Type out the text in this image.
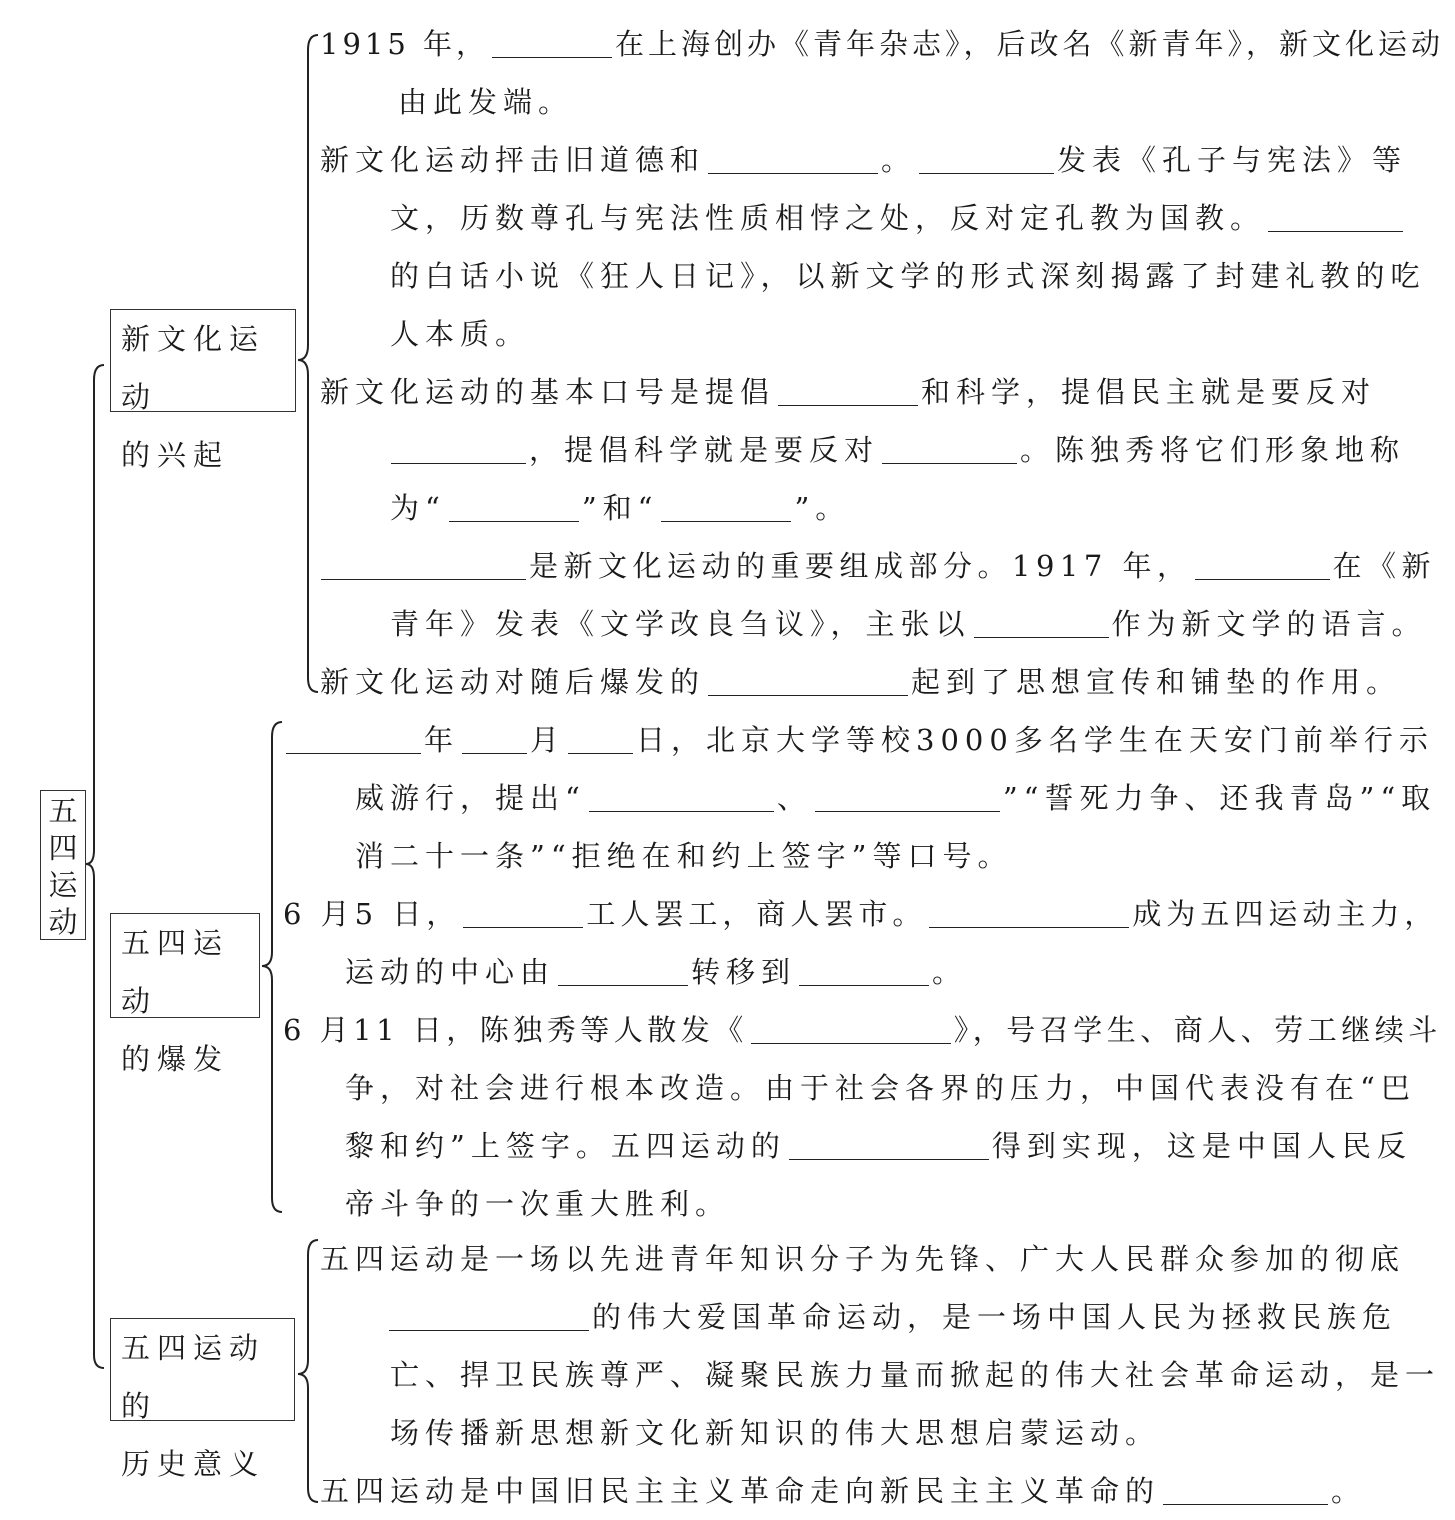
五
四
运
动
新文化运动
的兴起
五四运动
的爆发
五四运动的
历史意义
1915 年，	在上海创办《青年杂志》，后改名《新青年》，新文化运动
由此发端。
新文化运动抨击旧道德和	。	发表《孔子与宪法》等
文，历数尊孔与宪法性质相悖之处，反对定孔教为国教。
的白话小说《狂人日记》，以新文学的形式深刻揭露了封建礼教的吃
人本质。
新文化运动的基本口号是提倡	和科学，提倡民主就是要反对
，提倡科学就是要反对	。陈独秀将它们形象地称
为“	”和“	”。
是新文化运动的重要组成部分。1917 年，	在《新
青年》发表《文学改良刍议》，主张以	作为新文学的语言。
新文化运动对随后爆发的	起到了思想宣传和铺垫的作用。
年 月 日，北京大学等校3000多名学生在天安门前举行示
威游行，提出“	、	”“誓死力争、还我青岛”“取
消二十一条”“拒绝在和约上签字”等口号。
6 月5 日，	工人罢工，商人罢市。	成为五四运动主力，
运动的中心由	转移到	。
6 月11 日，陈独秀等人散发《	》，号召学生、商人、劳工继续斗
争，对社会进行根本改造。由于社会各界的压力，中国代表没有在“巴
黎和约”上签字。五四运动的	得到实现，这是中国人民反
帝斗争的一次重大胜利。
五四运动是一场以先进青年知识分子为先锋、广大人民群众参加的彻底
的伟大爱国革命运动，是一场中国人民为拯救民族危
亡、捍卫民族尊严、凝聚民族力量而掀起的伟大社会革命运动，是一
场传播新思想新文化新知识的伟大思想启蒙运动。
五四运动是中国旧民主主义革命走向新民主主义革命的	。
